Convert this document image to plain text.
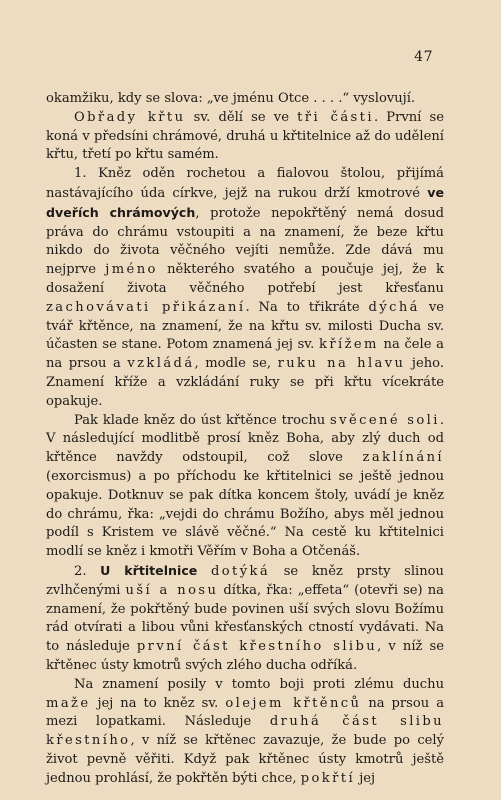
47

okamžiku, kdy se slova: „ve jménu Otce . . . .“ vyslovují.

Obřady křtu sv. dělí se ve tři části. První se koná v předsíni chrámové, druhá u křtitelnice až do udělení křtu, třetí po křtu samém.

1. Kněz oděn rochetou a fialovou štolou, přijímá nastávajícího úda církve, jejž na rukou drží kmotrové ve dveřích chrámových, protože nepokřtěný nemá dosud práva do chrámu vstoupiti a na znamení, že beze křtu nikdo do života věčného vejíti nemůže. Zde dává mu nejprve jméno některého svatého a poučuje jej, že k dosažení života věčného potřebí jest křesťanu zachovávati přikázaní. Na to třikráte dýchá ve tvář křtěnce, na znamení, že na křtu sv. milosti Ducha sv. účasten se stane. Potom znamená jej sv. křížem na čele a na prsou a vzkládá, modle se, ruku na hlavu jeho. Znamení kříže a vzkládání ruky se při křtu vícekráte opakuje.

Pak klade kněz do úst křtěnce trochu svěcené soli. V následující modlitbě prosí kněz Boha, aby zlý duch od křtěnce navždy odstoupil, což slove zaklínání (exorcismus) a po příchodu ke křtitelnici se ještě jednou opakuje. Dotknuv se pak dítka koncem štoly, uvádí je kněz do chrámu, řka: „vejdi do chrámu Božího, abys měl jednou podíl s Kristem ve slávě věčné.“ Na cestě ku křtitelnici modlí se kněz i kmotři Věřím v Boha a Otčenáš.

2. U křtitelnice dotýká se kněz prsty slinou zvlhčenými uší a nosu dítka, řka: „effeta“ (otevři se) na znamení, že pokřtěný bude povinen uší svých slovu Božímu rád otvírati a libou vůni křesťanských ctností vydávati. Na to následuje první část křestního slibu, v níž se křtěnec ústy kmotrů svých zlého ducha odříká.

Na znamení posily v tomto boji proti zlému duchu maže jej na to kněz sv. olejem křtěnců na prsou a mezi lopatkami. Následuje druhá část slibu křestního, v níž se křtěnec zavazuje, že bude po celý život pevně věřiti. Když pak křtěnec ústy kmotrů ještě jednou prohlásí, že pokřtěn býti chce, pokřtí jej
